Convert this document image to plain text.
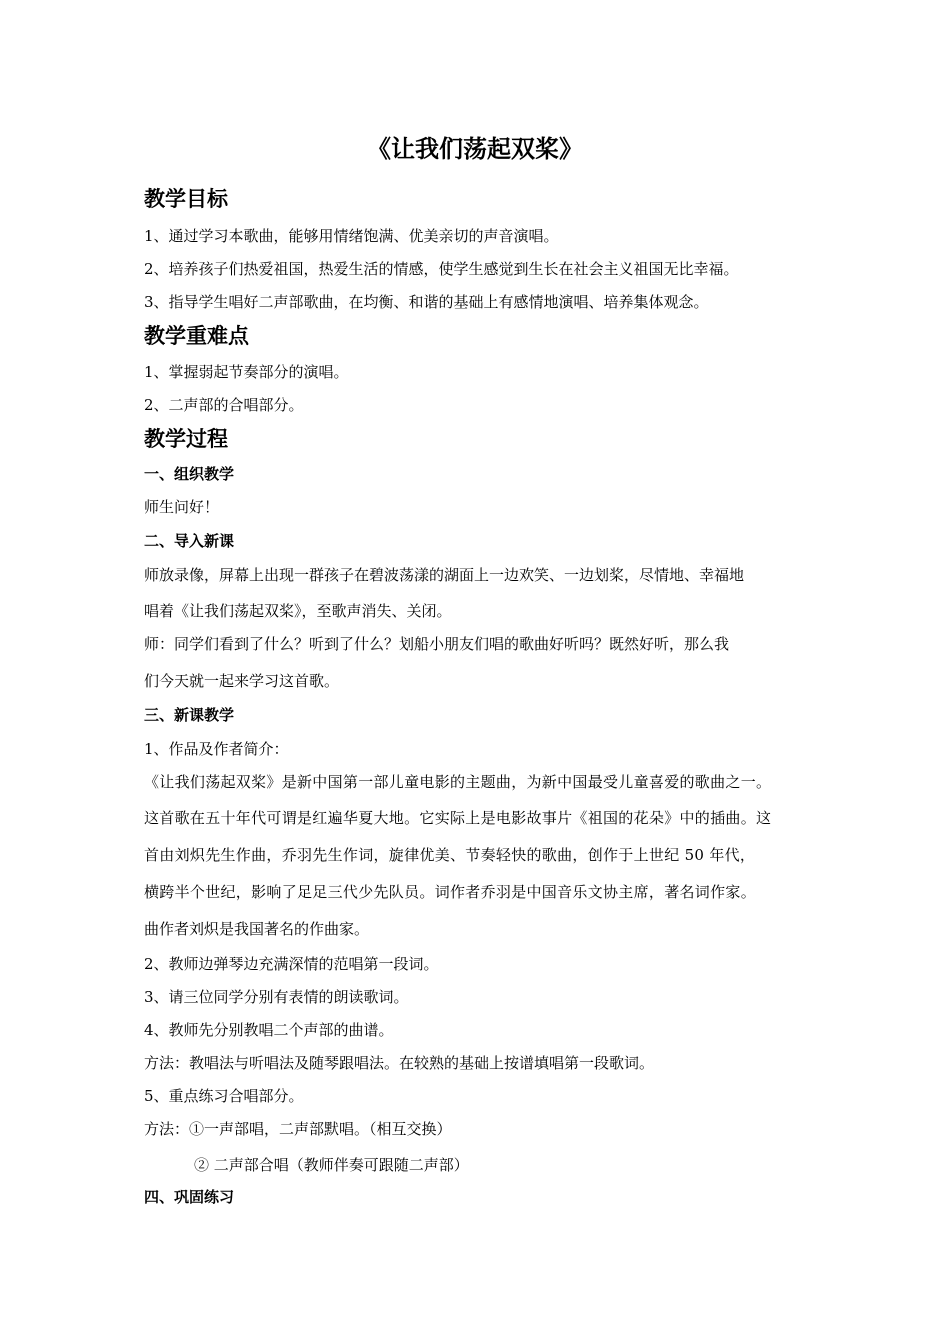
《让我们荡起双桨》
教学目标

1、通过学习本歌曲，能够用情绪饱满、优美亲切的声音演唱。

2、培养孩子们热爱祖国，热爱生活的情感，使学生感觉到生长在社会主义祖国无比幸福。

3、指导学生唱好二声部歌曲，在均衡、和谐的基础上有感情地演唱、培养集体观念。

教学重难点

1、掌握弱起节奏部分的演唱。

2、二声部的合唱部分。

教学过程
一、组织教学

师生问好！

二、导入新课

师放录像，屏幕上出现一群孩子在碧波荡漾的湖面上一边欢笑、一边划桨，尽情地、幸福地

唱着《让我们荡起双桨》，至歌声消失、关闭。

师：同学们看到了什么？听到了什么？划船小朋友们唱的歌曲好听吗？既然好听，那么我

们今天就一起来学习这首歌。

三、新课教学

1、作品及作者简介：

《让我们荡起双桨》是新中国第一部儿童电影的主题曲，为新中国最受儿童喜爱的歌曲之一。

这首歌在五十年代可谓是红遍华夏大地。它实际上是电影故事片《祖国的花朵》中的插曲。这

首由刘炽先生作曲，乔羽先生作词，旋律优美、节奏轻快的歌曲，创作于上世纪 50 年代，

横跨半个世纪，影响了足足三代少先队员。词作者乔羽是中国音乐文协主席，著名词作家。

曲作者刘炽是我国著名的作曲家。

2、教师边弹琴边充满深情的范唱第一段词。

3、请三位同学分别有表情的朗读歌词。

4、教师先分别教唱二个声部的曲谱。

方法：教唱法与听唱法及随琴跟唱法。在较熟的基础上按谱填唱第一段歌词。

5、重点练习合唱部分。

方法：①一声部唱，二声部默唱。（相互交换）

② 二声部合唱（教师伴奏可跟随二声部）

四、巩固练习
